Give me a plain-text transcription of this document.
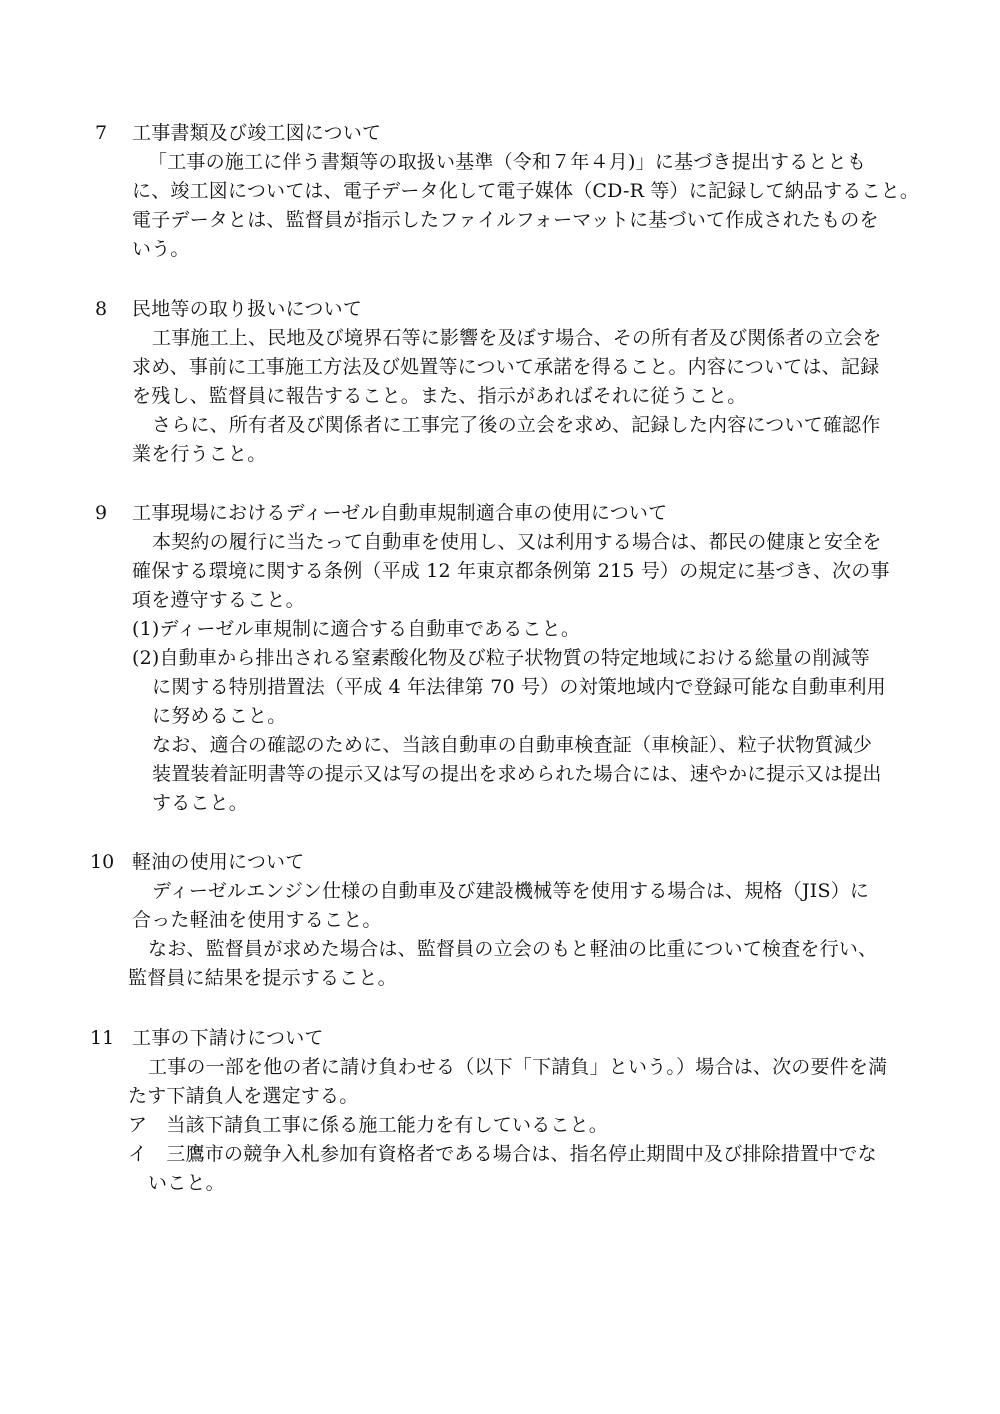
7 工事書類及び竣工図について
「工事の施工に伴う書類等の取扱い基準（令和７年４月)」に基づき提出するととも
に、竣工図については、電子データ化して電子媒体（CD-R 等）に記録して納品すること。
電子データとは、監督員が指示したファイルフォーマットに基づいて作成されたものを
いう。
8 民地等の取り扱いについて
工事施工上、民地及び境界石等に影響を及ぼす場合、その所有者及び関係者の立会を
求め、事前に工事施工方法及び処置等について承諾を得ること。内容については、記録
を残し、監督員に報告すること。また、指示があればそれに従うこと。
さらに、所有者及び関係者に工事完了後の立会を求め、記録した内容について確認作
業を行うこと。
9 工事現場におけるディーゼル自動車規制適合車の使用について
本契約の履行に当たって自動車を使用し、又は利用する場合は、都民の健康と安全を
確保する環境に関する条例（平成 12 年東京都条例第 215 号）の規定に基づき、次の事
項を遵守すること。
(1)ディーゼル車規制に適合する自動車であること。
(2)自動車から排出される窒素酸化物及び粒子状物質の特定地域における総量の削減等
に関する特別措置法（平成 4 年法律第 70 号）の対策地域内で登録可能な自動車利用
に努めること。
なお、適合の確認のために、当該自動車の自動車検査証（車検証）、粒子状物質減少
装置装着証明書等の提示又は写の提出を求められた場合には、速やかに提示又は提出
すること。
10 軽油の使用について
ディーゼルエンジン仕様の自動車及び建設機械等を使用する場合は、規格（JIS）に
合った軽油を使用すること。
なお、監督員が求めた場合は、監督員の立会のもと軽油の比重について検査を行い、
監督員に結果を提示すること。
11 工事の下請けについて
工事の一部を他の者に請け負わせる（以下「下請負」という。）場合は、次の要件を満
たす下請負人を選定する。
ア　当該下請負工事に係る施工能力を有していること。
イ　三鷹市の競争入札参加有資格者である場合は、指名停止期間中及び排除措置中でな
いこと。
